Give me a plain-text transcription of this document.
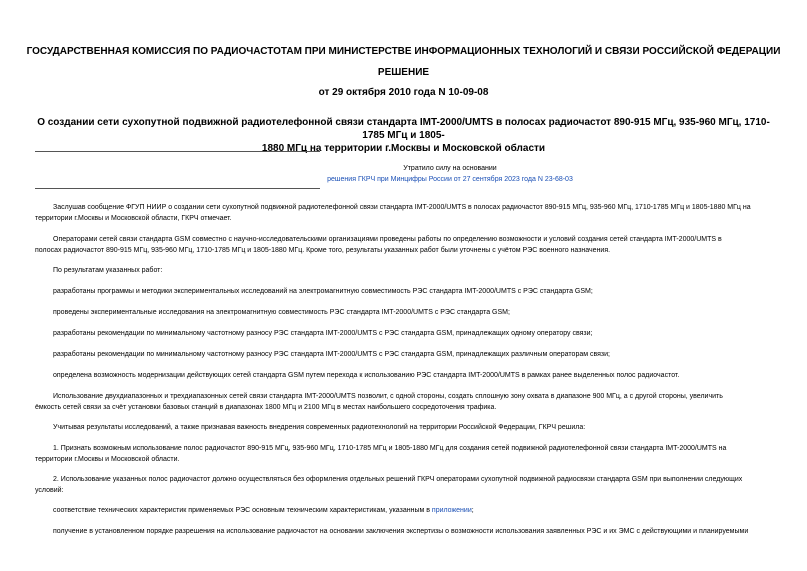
ГОСУДАРСТВЕННАЯ КОМИССИЯ ПО РАДИОЧАСТОТАМ ПРИ МИНИСТЕРСТВЕ ИНФОРМАЦИОННЫХ ТЕХНОЛОГИЙ И СВЯЗИ РОССИЙСКОЙ ФЕДЕРАЦИИ
РЕШЕНИЕ
от 29 октября 2010 года N 10-09-08
О создании сети сухопутной подвижной радиотелефонной связи стандарта IMT-2000/UMTS в полосах радиочастот 890-915 МГц, 935-960 МГц, 1710-1785 МГц и 1805-
1880 МГц на территории г.Москвы и Московской области
Утратило силу на основании
решения ГКРЧ при Минцифры России от 27 сентября 2023 года N 23-68-03
Заслушав сообщение ФГУП НИИР о создании сети сухопутной подвижной радиотелефонной связи стандарта IMT-2000/UMTS в полосах радиочастот 890-915 МГц, 935-960 МГц, 1710-1785 МГц и 1805-1880 МГц на
территории г.Москвы и Московской области, ГКРЧ отмечает.
Операторами сетей связи стандарта GSM совместно с научно-исследовательскими организациями проведены работы по определению возможности и условий создания сетей стандарта IMT-2000/UMTS в
полосах радиочастот 890-915 МГц, 935-960 МГц, 1710-1785 МГц и 1805-1880 МГц. Кроме того, результаты указанных работ были уточнены с учётом РЭС военного назначения.
По результатам указанных работ:
разработаны программы и методики экспериментальных исследований на электромагнитную совместимость РЭС стандарта IMT-2000/UMTS с РЭС стандарта GSM;
проведены экспериментальные исследования на электромагнитную совместимость РЭС стандарта IMT-2000/UMTS с РЭС стандарта GSM;
разработаны рекомендации по минимальному частотному разносу РЭС стандарта IMT-2000/UMTS с РЭС стандарта GSM, принадлежащих одному оператору связи;
разработаны рекомендации по минимальному частотному разносу РЭС стандарта IMT-2000/UMTS с РЭС стандарта GSM, принадлежащих различным операторам связи;
определена возможность модернизации действующих сетей стандарта GSM путем перехода к использованию РЭС стандарта IMT-2000/UMTS в рамках ранее выделенных полос радиочастот.
Использование двухдиапазонных и трехдиапазонных сетей связи стандарта IMT-2000/UMTS позволит, с одной стороны, создать сплошную зону охвата в диапазоне 900 МГц, а с другой стороны, увеличить
ёмкость сетей связи за счёт установки базовых станций в диапазонах 1800 МГц и 2100 МГц в местах наибольшего сосредоточения трафика.
Учитывая результаты исследований, а также признавая важность внедрения современных радиотехнологий на территории Российской Федерации, ГКРЧ решила:
1. Признать возможным использование полос радиочастот 890-915 МГц, 935-960 МГц, 1710-1785 МГц и 1805-1880 МГц для создания сетей подвижной радиотелефонной связи стандарта IMT-2000/UMTS на
территории г.Москвы и Московской области.
2. Использование указанных полос радиочастот должно осуществляться без оформления отдельных решений ГКРЧ операторами сухопутной подвижной радиосвязи стандарта GSM при выполнении следующих
условий:
соответствие технических характеристик применяемых РЭС основным техническим характеристикам, указанным в приложении;
получение в установленном порядке разрешения на использование радиочастот на основании заключения экспертизы о возможности использования заявленных РЭС и их ЭМС с действующими и планируемыми
